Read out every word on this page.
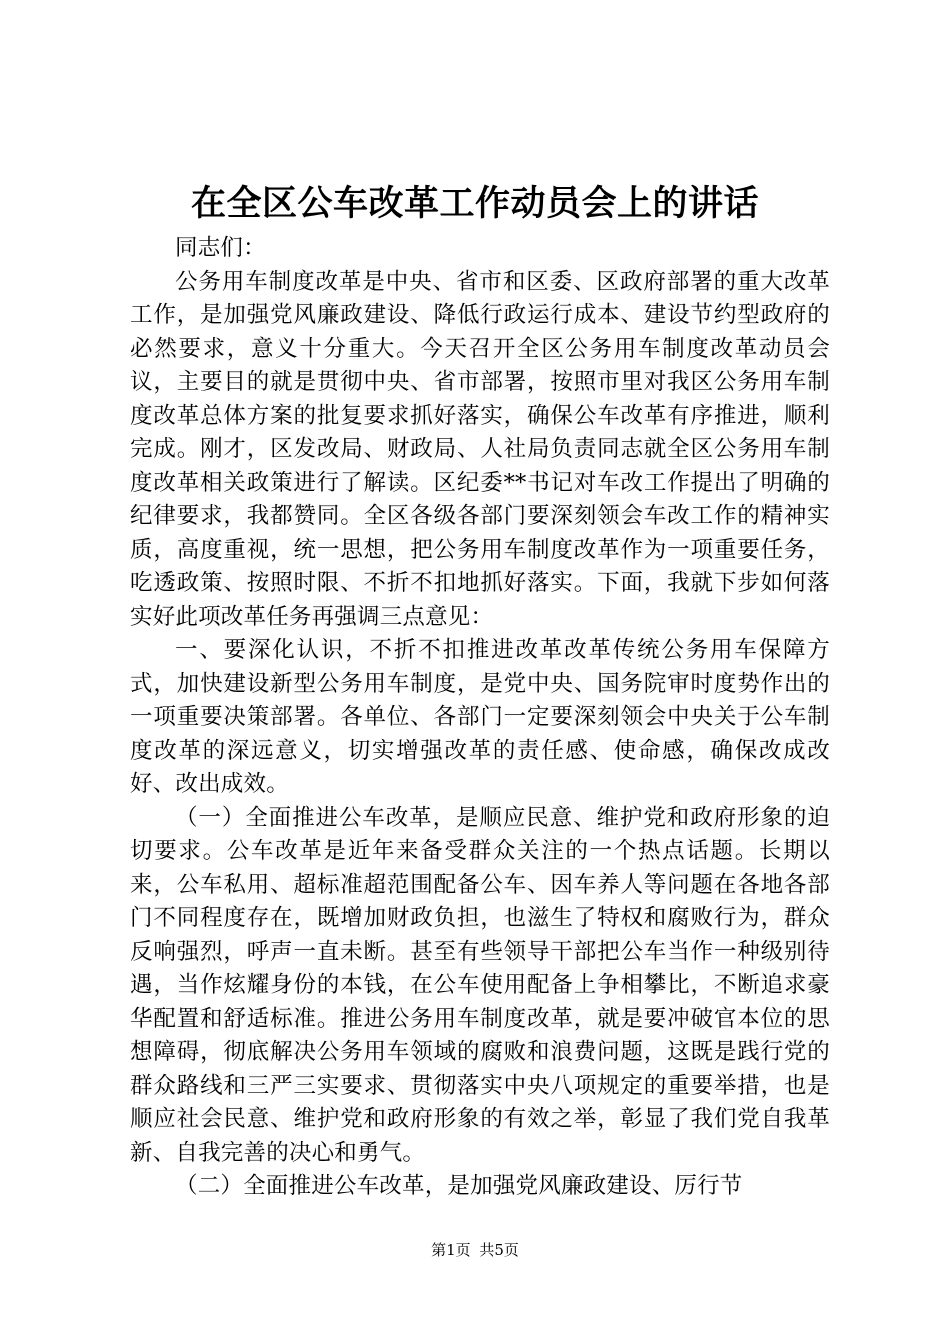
在全区公车改革工作动员会上的讲话

同志们：

公务用车制度改革是中央、省市和区委、区政府部署的重大改革工作，是加强党风廉政建设、降低行政运行成本、建设节约型政府的必然要求，意义十分重大。今天召开全区公务用车制度改革动员会议，主要目的就是贯彻中央、省市部署，按照市里对我区公务用车制度改革总体方案的批复要求抓好落实，确保公车改革有序推进，顺利完成。刚才，区发改局、财政局、人社局负责同志就全区公务用车制度改革相关政策进行了解读。区纪委**书记对车改工作提出了明确的纪律要求，我都赞同。全区各级各部门要深刻领会车改工作的精神实质，高度重视，统一思想，把公务用车制度改革作为一项重要任务，吃透政策、按照时限、不折不扣地抓好落实。下面，我就下步如何落实好此项改革任务再强调三点意见：

一、要深化认识，不折不扣推进改革改革传统公务用车保障方式，加快建设新型公务用车制度，是党中央、国务院审时度势作出的一项重要决策部署。各单位、各部门一定要深刻领会中央关于公车制度改革的深远意义，切实增强改革的责任感、使命感，确保改成改好、改出成效。

（一）全面推进公车改革，是顺应民意、维护党和政府形象的迫切要求。公车改革是近年来备受群众关注的一个热点话题。长期以来，公车私用、超标准超范围配备公车、因车养人等问题在各地各部门不同程度存在，既增加财政负担，也滋生了特权和腐败行为，群众反响强烈，呼声一直未断。甚至有些领导干部把公车当作一种级别待遇，当作炫耀身份的本钱，在公车使用配备上争相攀比，不断追求豪华配置和舒适标准。推进公务用车制度改革，就是要冲破官本位的思想障碍，彻底解决公务用车领域的腐败和浪费问题，这既是践行党的群众路线和三严三实要求、贯彻落实中央八项规定的重要举措，也是顺应社会民意、维护党和政府形象的有效之举，彰显了我们党自我革新、自我完善的决心和勇气。

（二）全面推进公车改革，是加强党风廉政建设、厉行节

第1页 共5页
